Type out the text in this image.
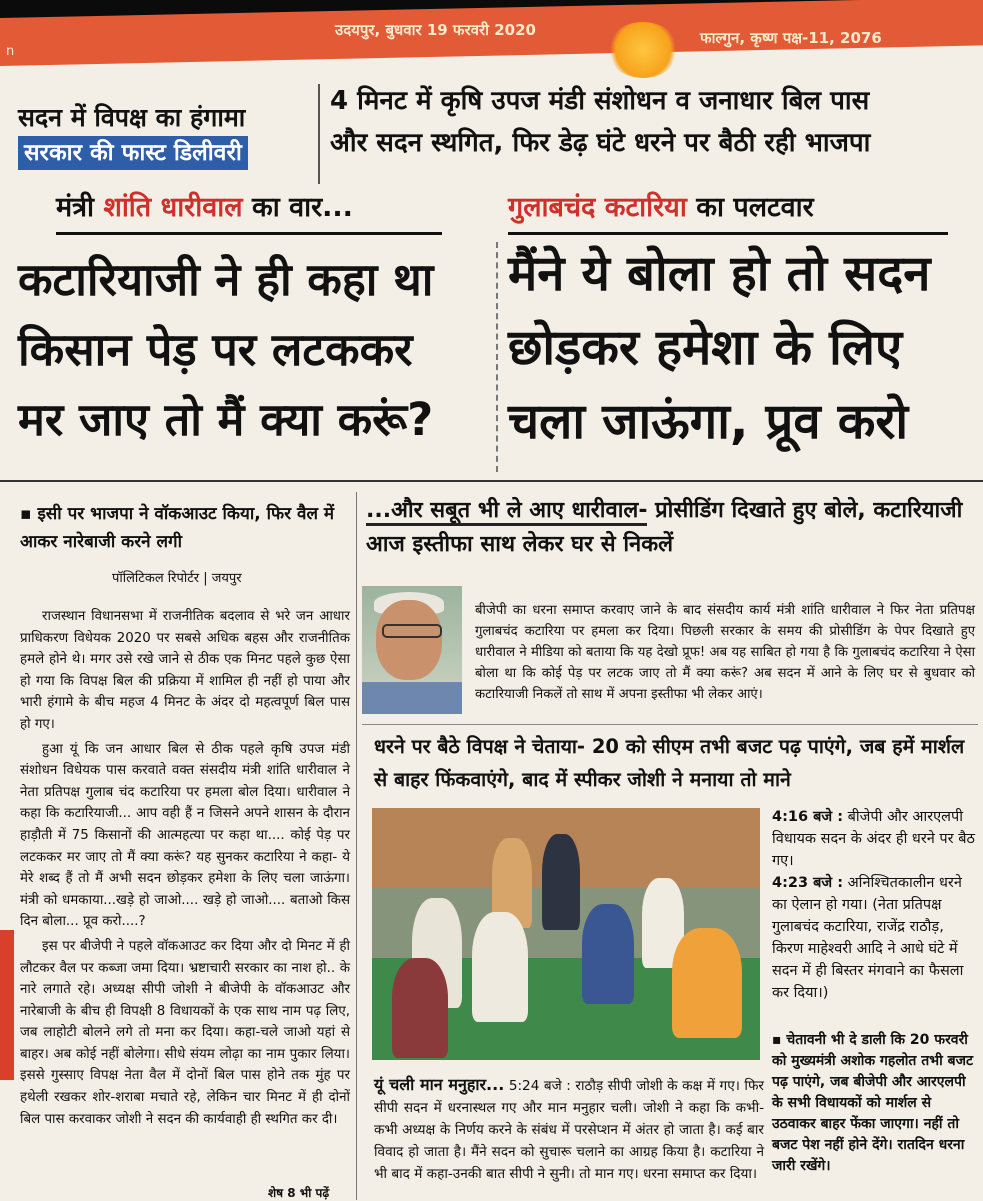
n
उदयपुर, बुधवार 19 फरवरी 2020	फाल्गुन, कृष्ण पक्ष-11, 2076
सदन में विपक्ष का हंगामा
सरकार की फास्ट डिलीवरी
4 मिनट में कृषि उपज मंडी संशोधन व जनाधार बिल पास
और सदन स्थगित, फिर डेढ़ घंटे धरने पर बैठी रही भाजपा
मंत्री शांति धारीवाल का वार...	गुलाबचंद कटारिया का पलटवार
कटारियाजी ने ही कहा था
किसान पेड़ पर लटककर
मर जाए तो मैं क्या करूं?
मैंने ये बोला हो तो सदन
छोड़कर हमेशा के लिए
चला जाऊंगा, प्रूव करो
▪ इसी पर भाजपा ने वॉकआउट किया, फिर वैल में आकर नारेबाजी करने लगी
पॉलिटिकल रिपोर्टर | जयपुर

राजस्थान विधानसभा में राजनीतिक बदलाव से भरे जन आधार प्राधिकरण विधेयक 2020 पर सबसे अधिक बहस और राजनीतिक हमले होने थे। मगर उसे रखे जाने से ठीक एक मिनट पहले कुछ ऐसा हो गया कि विपक्ष बिल की प्रक्रिया में शामिल ही नहीं हो पाया और भारी हंगामे के बीच महज 4 मिनट के अंदर दो महत्वपूर्ण बिल पास हो गए।

हुआ यूं कि जन आधार बिल से ठीक पहले कृषि उपज मंडी संशोधन विधेयक पास करवाते वक्त संसदीय मंत्री शांति धारीवाल ने नेता प्रतिपक्ष गुलाब चंद कटारिया पर हमला बोल दिया। धारीवाल ने कहा कि कटारियाजी... आप वही हैं न जिसने अपने शासन के दौरान हाड़ौती में 75 किसानों की आत्महत्या पर कहा था.... कोई पेड़ पर लटककर मर जाए तो मैं क्या करूं? यह सुनकर कटारिया ने कहा- ये मेरे शब्द हैं तो मैं अभी सदन छोड़कर हमेशा के लिए चला जाऊंगा। मंत्री को धमकाया...खड़े हो जाओ.... खड़े हो जाओ.... बताओ किस दिन बोला... प्रूव करो....?

इस पर बीजेपी ने पहले वॉकआउट कर दिया और दो मिनट में ही लौटकर वैल पर कब्जा जमा दिया। भ्रष्टाचारी सरकार का नाश हो.. के नारे लगाते रहे। अध्यक्ष सीपी जोशी ने बीजेपी के वॉकआउट और नारेबाजी के बीच ही विपक्षी 8 विधायकों के एक साथ नाम पढ़ लिए, जब लाहोटी बोलने लगे तो मना कर दिया। कहा-चले जाओ यहां से बाहर। अब कोई नहीं बोलेगा। सीधे संयम लोढ़ा का नाम पुकार लिया। इससे गुस्साए विपक्ष नेता वैल में दोनों बिल पास होने तक मुंह पर हथेली रखकर शोर-शराबा मचाते रहे, लेकिन चार मिनट में ही दोनों बिल पास करवाकर जोशी ने सदन की कार्यवाही ही स्थगित कर दी।

शेष 8 भी पढ़ें
...और सबूत भी ले आए धारीवाल- प्रोसीडिंग दिखाते हुए बोले, कटारियाजी आज इस्तीफा साथ लेकर घर से निकलें
बीजेपी का धरना समाप्त करवाए जाने के बाद संसदीय कार्य मंत्री शांति धारीवाल ने फिर नेता प्रतिपक्ष गुलाबचंद कटारिया पर हमला कर दिया। पिछली सरकार के समय की प्रोसीडिंग के पेपर दिखाते हुए धारीवाल ने मीडिया को बताया कि यह देखो प्रूफ! अब यह साबित हो गया है कि गुलाबचंद कटारिया ने ऐसा बोला था कि कोई पेड़ पर लटक जाए तो मैं क्या करूं? अब सदन में आने के लिए घर से बुधवार को कटारियाजी निकलें तो साथ में अपना इस्तीफा भी लेकर आएं।
धरने पर बैठे विपक्ष ने चेताया- 20 को सीएम तभी बजट पढ़ पाएंगे, जब हमें मार्शल से बाहर फिंकवाएंगे, बाद में स्पीकर जोशी ने मनाया तो माने
4:16 बजे : बीजेपी और आरएलपी विधायक सदन के अंदर ही धरने पर बैठ गए।
4:23 बजे : अनिश्चितकालीन धरने का ऐलान हो गया। (नेता प्रतिपक्ष गुलाबचंद कटारिया, राजेंद्र राठौड़, किरण माहेश्वरी आदि ने आधे घंटे में सदन में ही बिस्तर मंगवाने का फैसला कर दिया।)
यूं चली मान मनुहार... 5:24 बजे : राठौड़ सीपी जोशी के कक्ष में गए। फिर सीपी सदन में धरनास्थल गए और मान मनुहार चली। जोशी ने कहा कि कभी-कभी अध्यक्ष के निर्णय करने के संबंध में परसेप्शन में अंतर हो जाता है। कई बार विवाद हो जाता है। मैंने सदन को सुचारू चलाने का आग्रह किया है। कटारिया ने भी बाद में कहा-उनकी बात सीपी ने सुनी। तो मान गए। धरना समाप्त कर दिया।
▪ चेतावनी भी दे डाली कि 20 फरवरी को मुख्यमंत्री अशोक गहलोत तभी बजट पढ़ पाएंगे, जब बीजेपी और आरएलपी के सभी विधायकों को मार्शल से उठवाकर बाहर फेंका जाएगा। नहीं तो बजट पेश नहीं होने देंगे। रातदिन धरना जारी रखेंगे।
